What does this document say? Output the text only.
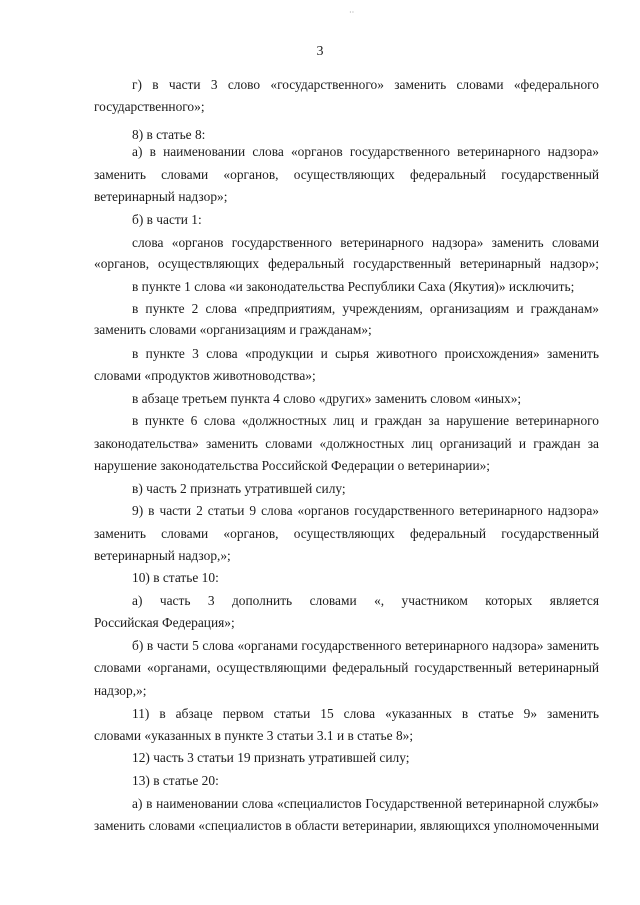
··
3
г) в части 3 слово «государственного» заменить словами «федерального
государственного»;
8) в статье 8:
а) в наименовании слова «органов государственного ветеринарного надзора»
заменить словами «органов, осуществляющих федеральный государственный
ветеринарный надзор»;
б) в части 1:
слова «органов государственного ветеринарного надзора» заменить словами
«органов, осуществляющих федеральный государственный ветеринарный надзор»;
в пункте 1 слова «и законодательства Республики Саха (Якутия)» исключить;
в пункте 2 слова «предприятиям, учреждениям, организациям и гражданам»
заменить словами «организациям и гражданам»;
в пункте 3 слова «продукции и сырья животного происхождения» заменить
словами «продуктов животноводства»;
в абзаце третьем пункта 4 слово «других» заменить словом «иных»;
в пункте 6 слова «должностных лиц и граждан за нарушение ветеринарного
законодательства» заменить словами «должностных лиц организаций и граждан за
нарушение законодательства Российской Федерации о ветеринарии»;
в) часть 2 признать утратившей силу;
9) в части 2 статьи 9 слова «органов государственного ветеринарного надзора»
заменить словами «органов, осуществляющих федеральный государственный
ветеринарный надзор,»;
10) в статье 10:
а) часть 3 дополнить словами «, участником которых является
Российская Федерация»;
б) в части 5 слова «органами государственного ветеринарного надзора» заменить
словами «органами, осуществляющими федеральный государственный ветеринарный
надзор,»;
11) в абзаце первом статьи 15 слова «указанных в статье 9» заменить
словами «указанных в пункте 3 статьи 3.1 и в статье 8»;
12) часть 3 статьи 19 признать утратившей силу;
13) в статье 20:
а) в наименовании слова «специалистов Государственной ветеринарной службы»
заменить словами «специалистов в области ветеринарии, являющихся уполномоченными
